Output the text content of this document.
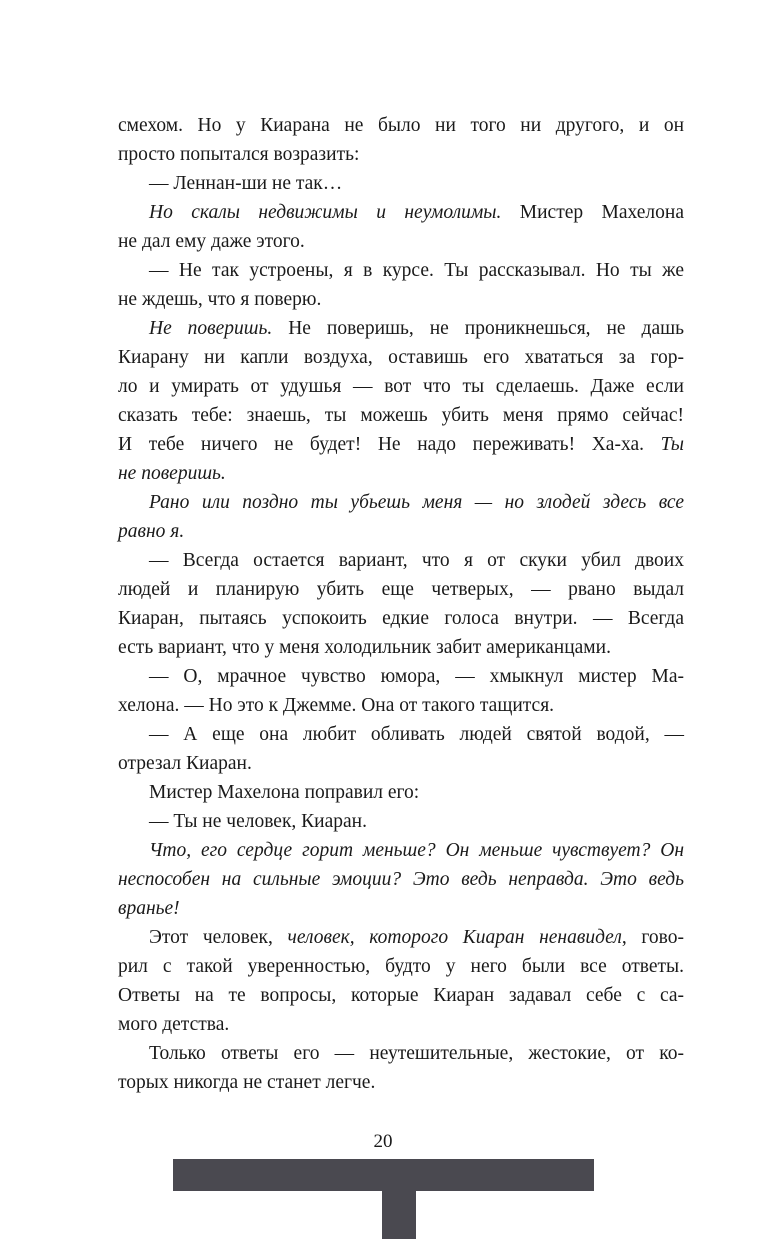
смехом. Но у Киарана не было ни того ни другого, и он
просто попытался возразить:
— Леннан-ши не так…
Но скалы недвижимы и неумолимы. Мистер Махелона
не дал ему даже этого.
— Не так устроены, я в курсе. Ты рассказывал. Но ты же
не ждешь, что я поверю.
Не поверишь. Не поверишь, не проникнешься, не дашь
Киарану ни капли воздуха, оставишь его хвататься за гор-
ло и умирать от удушья — вот что ты сделаешь. Даже если
сказать тебе: знаешь, ты можешь убить меня прямо сейчас!
И тебе ничего не будет! Не надо переживать! Ха-ха. Ты
не поверишь.
Рано или поздно ты убьешь меня — но злодей здесь все
равно я.
— Всегда остается вариант, что я от скуки убил двоих
людей и планирую убить еще четверых, — рвано выдал
Киаран, пытаясь успокоить едкие голоса внутри. — Всегда
есть вариант, что у меня холодильник забит американцами.
— О, мрачное чувство юмора, — хмыкнул мистер Ма-
хелона. — Но это к Джемме. Она от такого тащится.
— А еще она любит обливать людей святой водой, —
отрезал Киаран.
Мистер Махелона поправил его:
— Ты не человек, Киаран.
Что, его сердце горит меньше? Он меньше чувствует? Он
неспособен на сильные эмоции? Это ведь неправда. Это ведь
вранье!
Этот человек, человек, которого Киаран ненавидел, гово-
рил с такой уверенностью, будто у него были все ответы.
Ответы на те вопросы, которые Киаран задавал себе с са-
мого детства.
Только ответы его — неутешительные, жестокие, от ко-
торых никогда не станет легче.
20
